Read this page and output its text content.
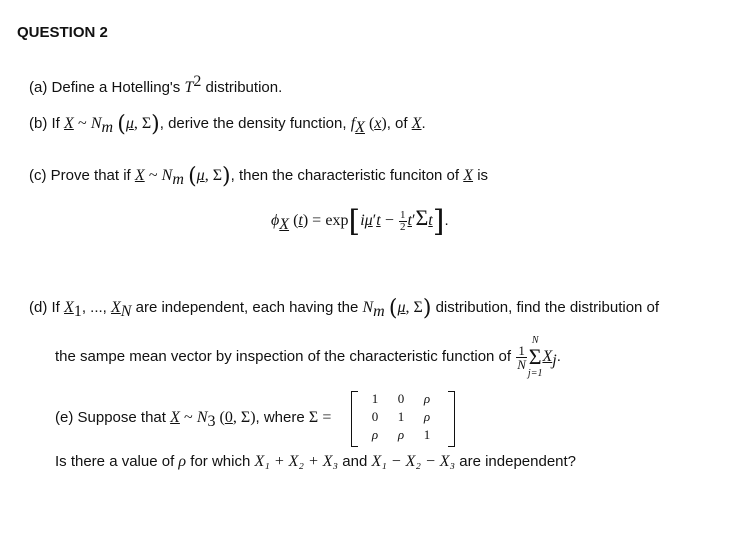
QUESTION 2
(a) Define a Hotelling's $T^2$ distribution.
(b) If X ~ $N_m$ (μ, Σ), derive the density function, $f_X$ (x), of X.
(c) Prove that if X ~ $N_m$ (μ, Σ), then the characteristic funciton of X is
$\phi_X$ $(t) = \exp[i\mu't - \frac{1}{2} t'\Sigma t]$.
(d) If $X_1$, ..., $X_N$ are independent, each having the $N_m$ (μ, Σ) distribution, find the distribution of
the sampe mean vector by inspection of the characteristic function of $\frac{1}{N}$
N
Σ
j=1
$X_j$.
(e) Suppose that X ~ $N_3$ (0, Σ), where Σ =
1	0	ρ
0	1	ρ
ρ	ρ	1
Is there a value of ρ for which X₁ + X₂ + X₃ and X₁ − X₂ − X₃ are independent?
